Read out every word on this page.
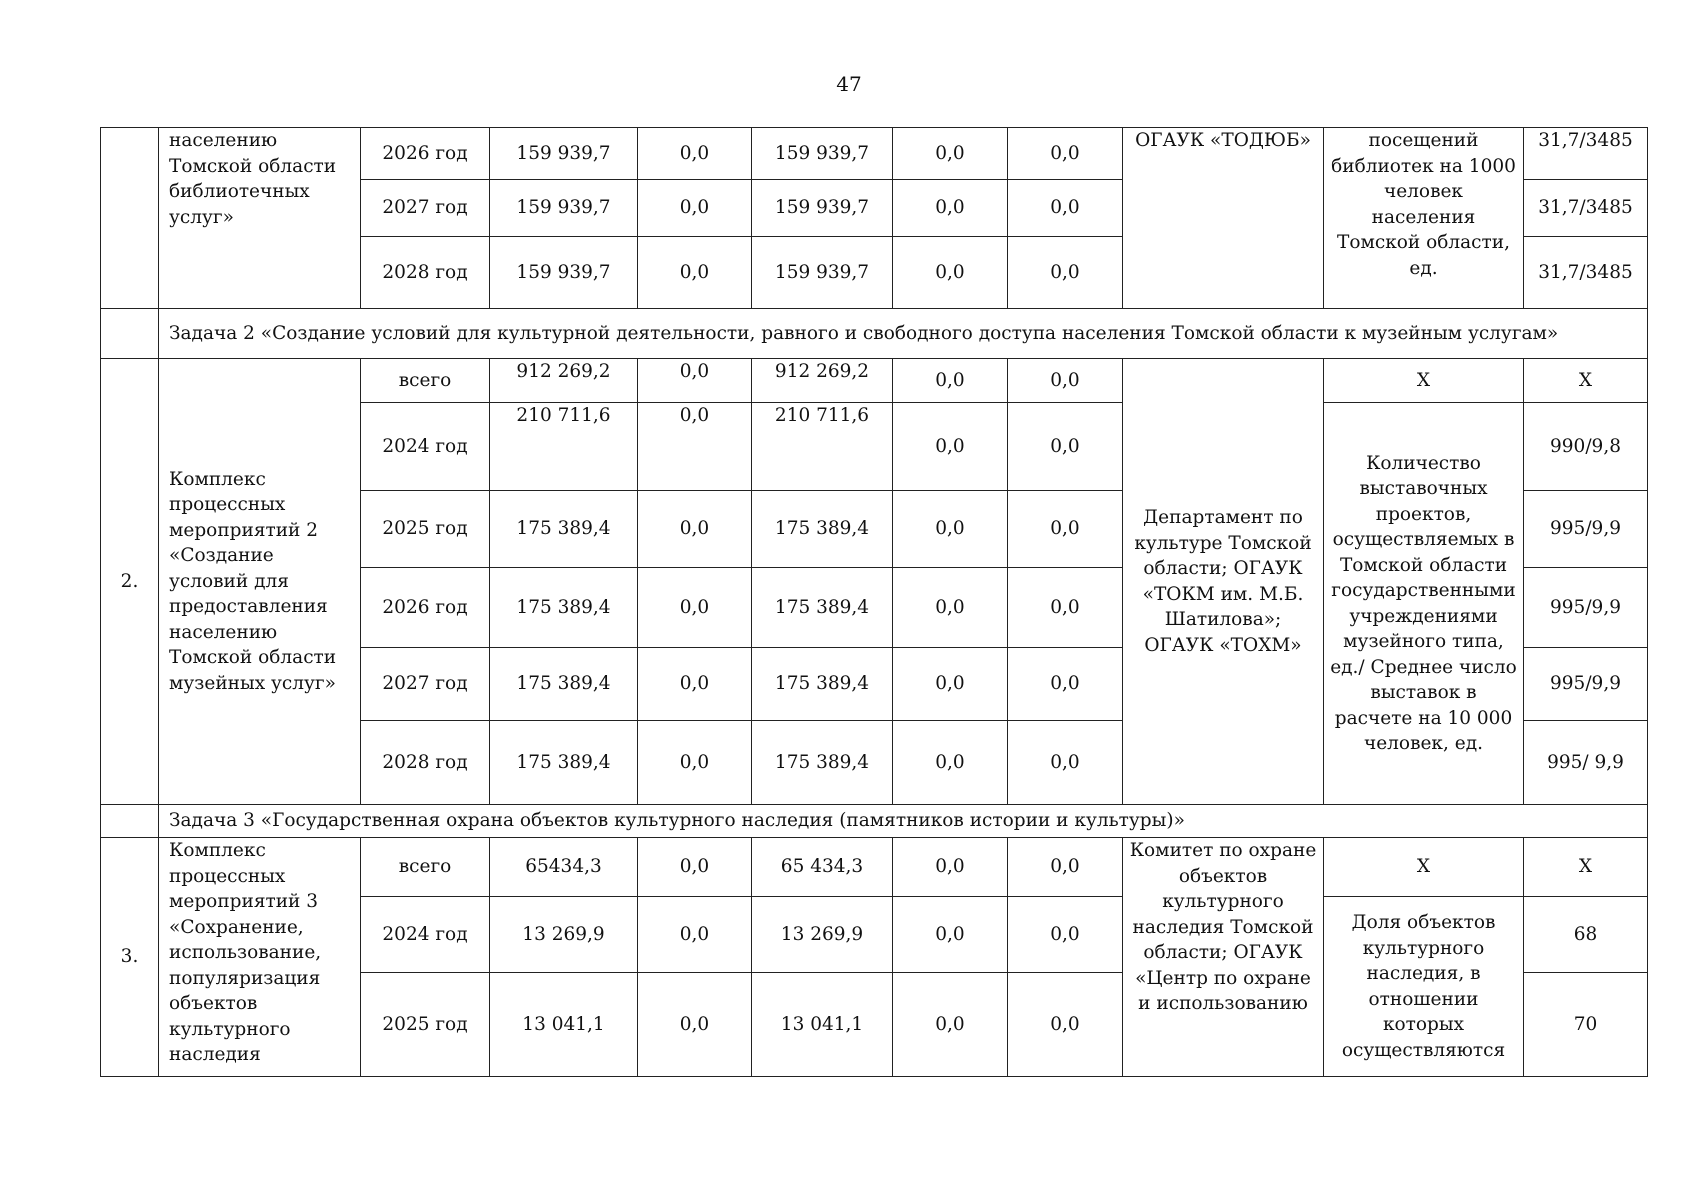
47
	населению Томской области библиотечных услуг»	2026 год	159 939,7	0,0	159 939,7	0,0	0,0	ОГАУК «ТОДЮБ»	посещений библиотек на 1000 человек населения Томской области, ед.	31,7/3485
		2027 год	159 939,7	0,0	159 939,7	0,0	0,0			31,7/3485
		2028 год	159 939,7	0,0	159 939,7	0,0	0,0			31,7/3485
	Задача 2 «Создание условий для культурной деятельности, равного и свободного доступа населения Томской области к музейным услугам»									
2.	Комплекс процессных мероприятий 2 «Создание условий для предоставления населению Томской области музейных услуг»	всего	912 269,2	0,0	912 269,2	0,0	0,0	Департамент по культуре Томской области; ОГАУК «ТОКМ им. М.Б. Шатилова»; ОГАУК «ТОХМ»	Х	Х
		2024 год	210 711,6	0,0	210 711,6	0,0	0,0		Количество выставочных проектов, осуществляемых в Томской области государственными учреждениями музейного типа, ед./ Среднее число выставок в расчете на 10 000 человек, ед.	990/9,8
		2025 год	175 389,4	0,0	175 389,4	0,0	0,0			995/9,9
		2026 год	175 389,4	0,0	175 389,4	0,0	0,0			995/9,9
		2027 год	175 389,4	0,0	175 389,4	0,0	0,0			995/9,9
		2028 год	175 389,4	0,0	175 389,4	0,0	0,0			995/ 9,9
	Задача 3 «Государственная охрана объектов культурного наследия (памятников истории и культуры)»									
3.	Комплекс процессных мероприятий 3 «Сохранение, использование, популяризация объектов культурного наследия	всего	65434,3	0,0	65 434,3	0,0	0,0	Комитет по охране объектов культурного наследия Томской области; ОГАУК «Центр по охране и использованию	Х	Х
		2024 год	13 269,9	0,0	13 269,9	0,0	0,0		Доля объектов культурного наследия, в отношении которых осуществляются	68
		2025 год	13 041,1	0,0	13 041,1	0,0	0,0			70
